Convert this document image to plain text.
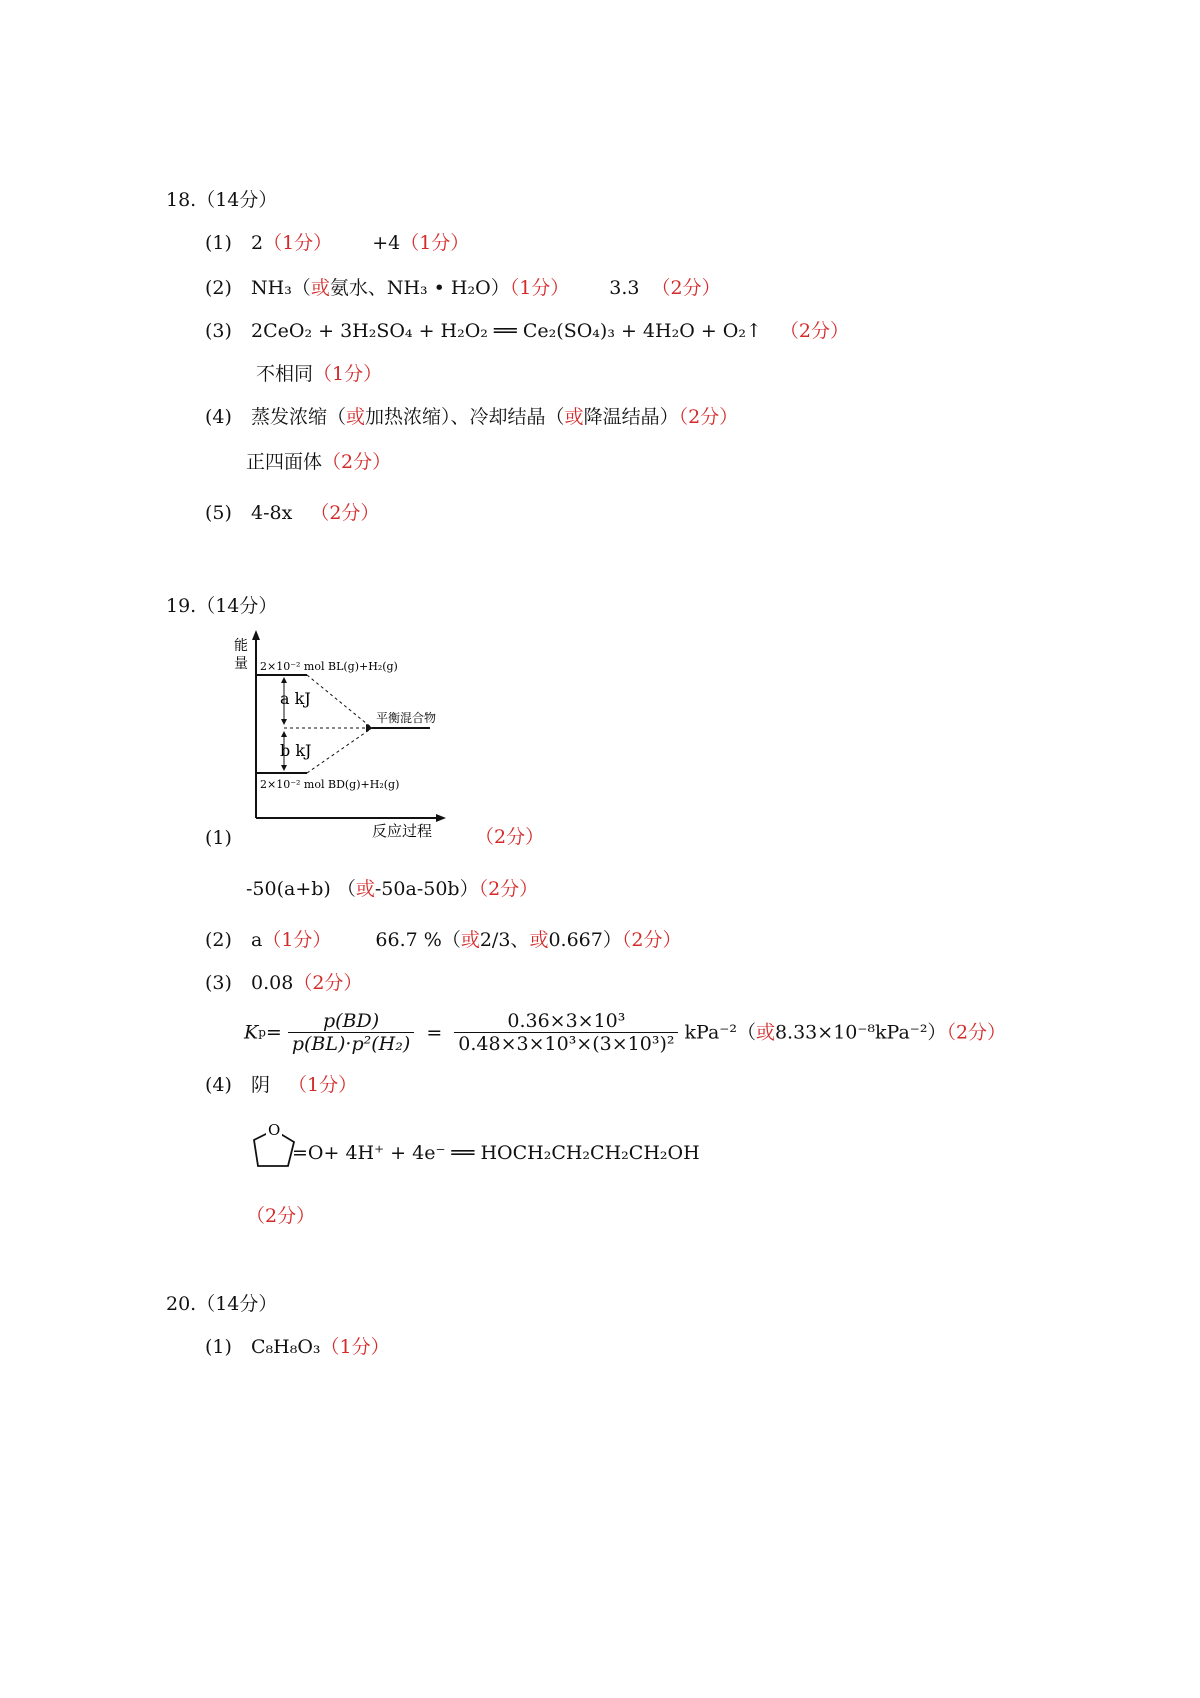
18.（14分）
(1) 2（1分） +4（1分）
(2) NH₃（或氨水、NH₃ • H₂O）（1分） 3.3 （2分）
(3) 2CeO₂ + 3H₂SO₄ + H₂O₂ ══ Ce₂(SO₄)₃ + 4H₂O + O₂↑ （2分）
不相同（1分）
(4) 蒸发浓缩（或加热浓缩）、冷却结晶（或降温结晶）（2分）
正四面体（2分）
(5) 4-8x （2分）
19.（14分）
能
量 2×10⁻² mol BL(g)+H₂(g)
2×10⁻² mol BD(g)+H₂(g)
a kJ
b kJ
平衡混合物
反应过程
(1)	（2分）
-50(a+b) （或-50a-50b）（2分）
(2) a（1分） 66.7 %（或2/3、或0.667）（2分）
(3) 0.08（2分）
$Kp= \frac{p(BD)}{\text{p(BL)·p²(H₂)}} = \frac{\text{0.36×3×10³}}{\text{0.48×3×10³×(3×10³)²}} kPa^{-2}$（或8.33×10⁻⁸kPa⁻²）（2分）
(4) 阴 （1分）
O
=O+ 4H⁺ + 4e⁻ ══ HOCH₂CH₂CH₂CH₂OH
（2分）
20.（14分）
(1) C₈H₈O₃（1分）
